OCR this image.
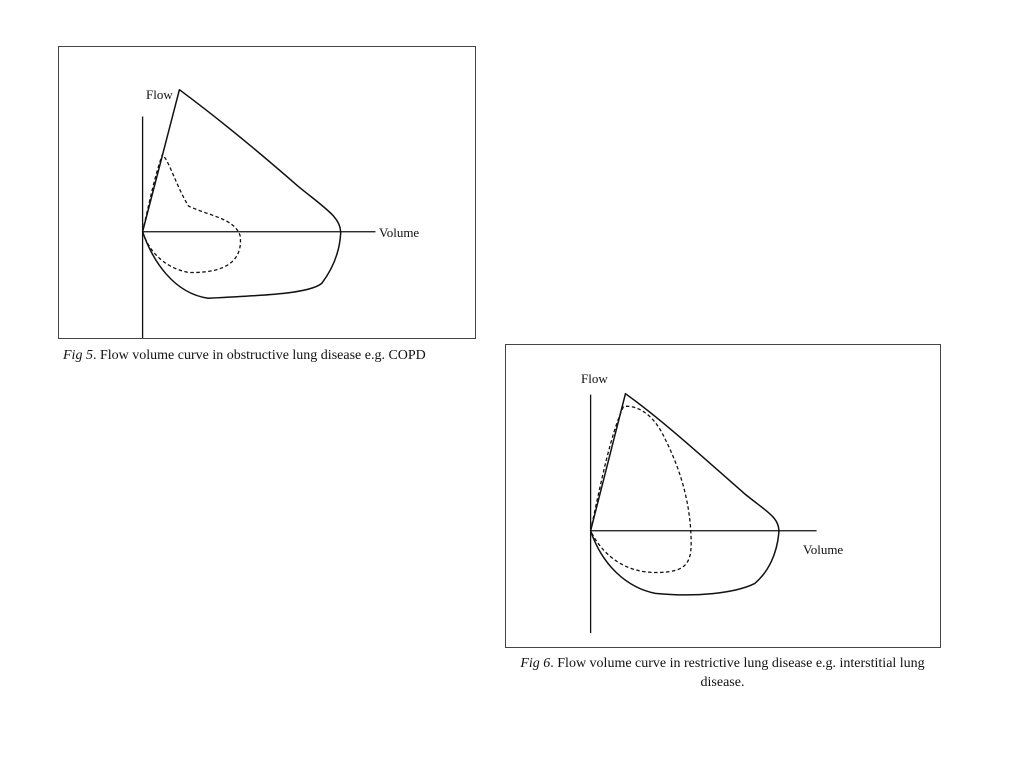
Flow
Volume
Fig 5. Flow volume curve in obstructive lung disease e.g. COPD
Flow
Volume
Fig 6. Flow volume curve in restrictive lung disease e.g. interstitial lung disease.
